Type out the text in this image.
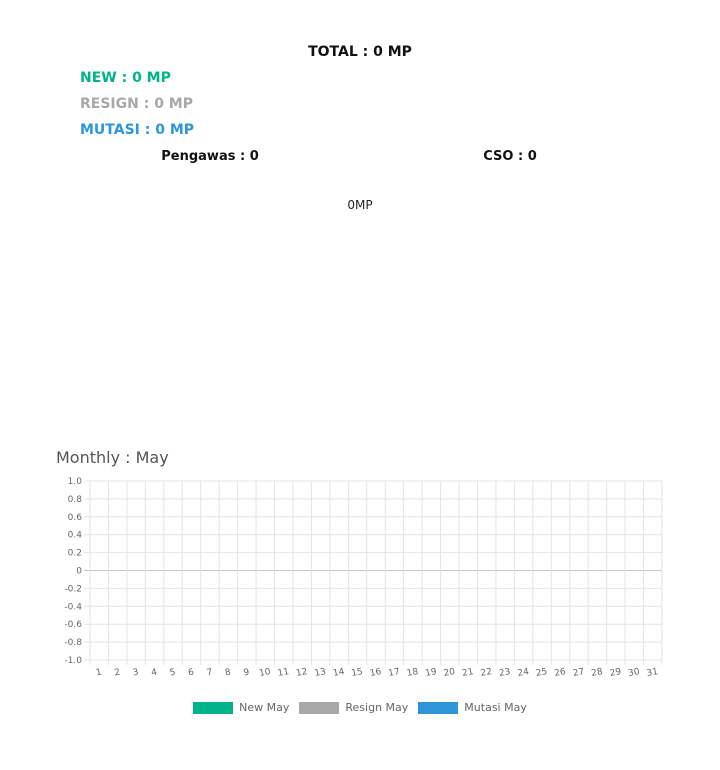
TOTAL : 0 MP
NEW : 0 MP
RESIGN : 0 MP
MUTASI : 0 MP
Pengawas : 0	CSO : 0
0MP
Monthly : May
1.0
0.8
0.6
0.4
0.2
0
-0.2
-0.4
-0.6
-0.8
-1.0
1 2 3 4 5 6 7 8 9 10 11 12 13 14 15 16 17 18 19 20 21 22 23 24 25 26 27 28 29 30 31
New May	Resign May	Mutasi May
